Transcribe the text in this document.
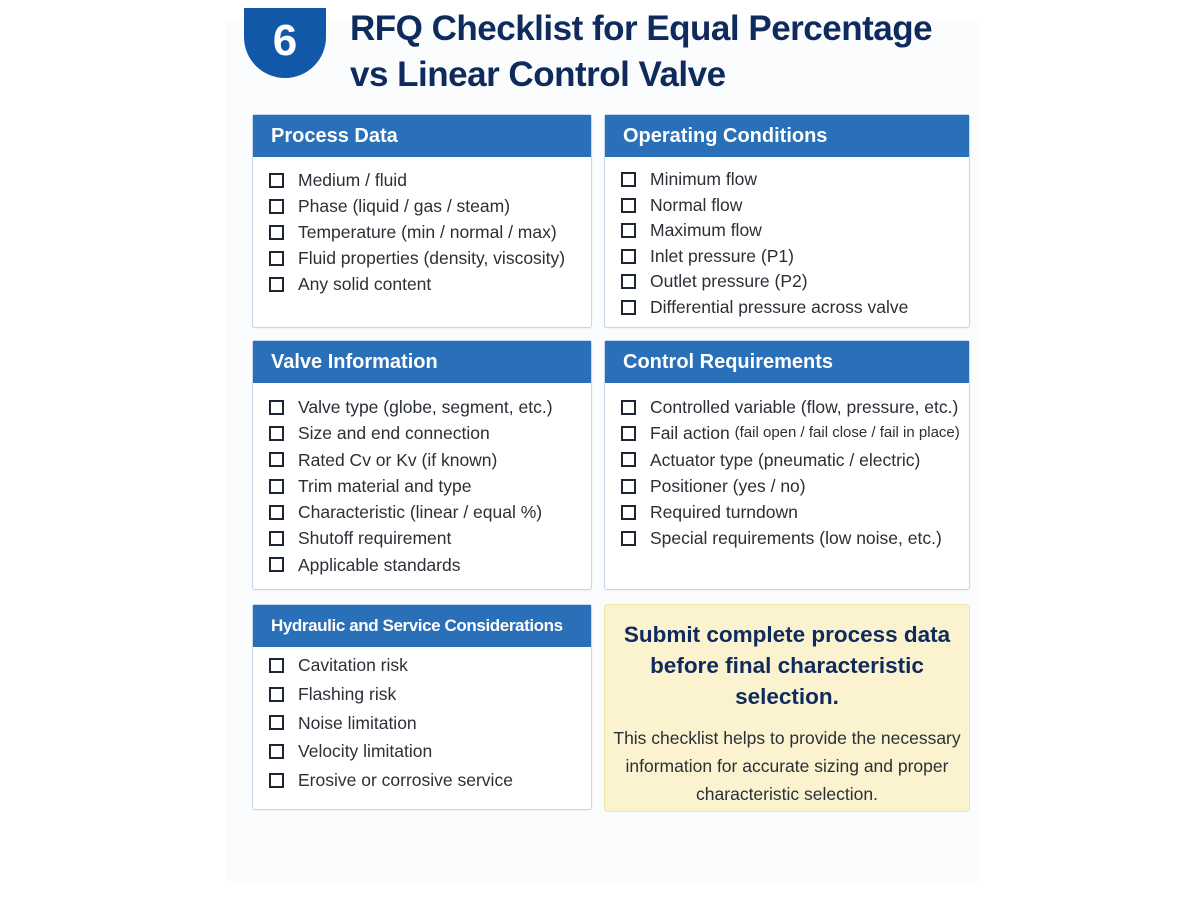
6	RFQ Checklist for Equal Percentage vs Linear Control Valve
Process Data
Medium / fluid
Phase (liquid / gas / steam)
Temperature (min / normal / max)
Fluid properties (density, viscosity)
Any solid content
Operating Conditions
Minimum flow
Normal flow
Maximum flow
Inlet pressure (P1)
Outlet pressure (P2)
Differential pressure across valve
Valve Information
Valve type (globe, segment, etc.)
Size and end connection
Rated Cv or Kv (if known)
Trim material and type
Characteristic (linear / equal %)
Shutoff requirement
Applicable standards
Control Requirements
Controlled variable (flow, pressure, etc.)
Fail action
(fail open / fail close / fail in place)
Actuator type (pneumatic / electric)
Positioner (yes / no)
Required turndown
Special requirements (low noise, etc.)
Hydraulic and Service Considerations
Cavitation risk
Flashing risk
Noise limitation
Velocity limitation
Erosive or corrosive service
Submit complete process data before final characteristic selection.
This checklist helps to provide the necessary information for accurate sizing and proper characteristic selection.
